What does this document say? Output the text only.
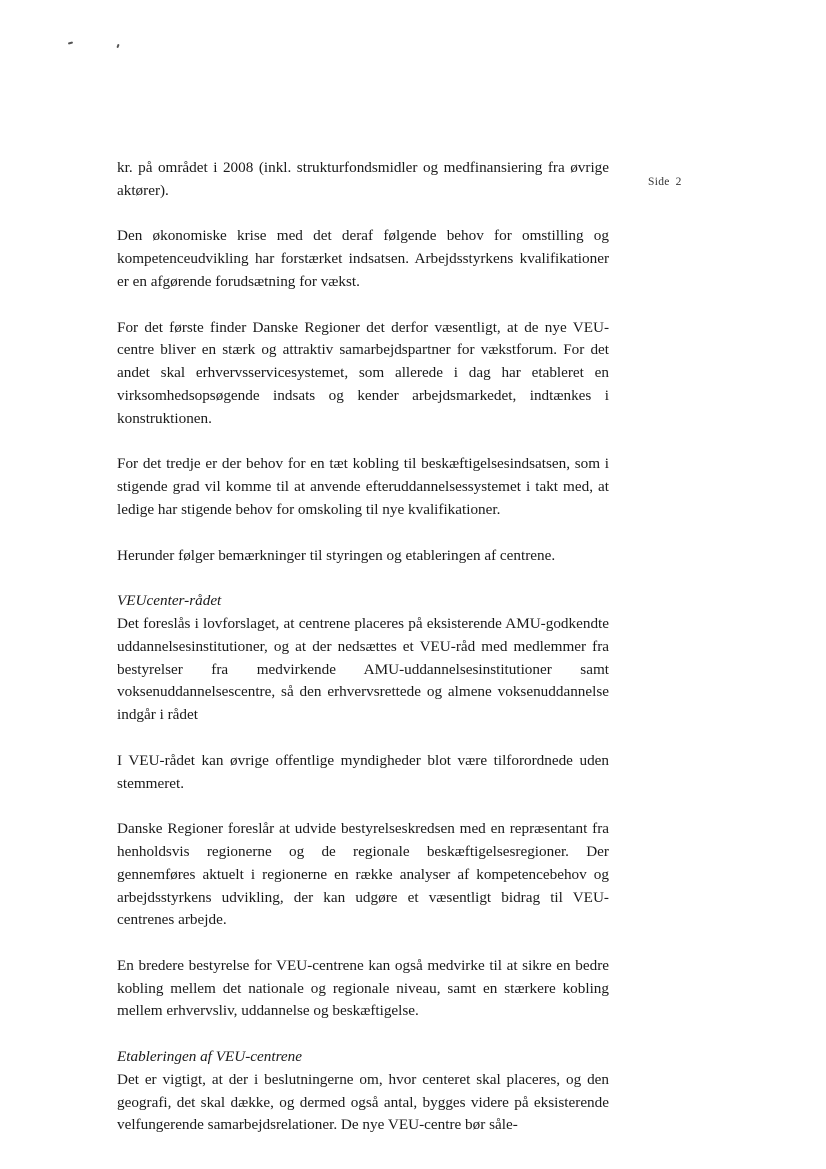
Side 2

kr. på området i 2008 (inkl. strukturfondsmidler og medfinansiering fra øvrige aktører).

Den økonomiske krise med det deraf følgende behov for omstilling og kompetenceudvikling har forstærket indsatsen. Arbejdsstyrkens kvalifikationer er en afgørende forudsætning for vækst.

For det første finder Danske Regioner det derfor væsentligt, at de nye VEU-centre bliver en stærk og attraktiv samarbejdspartner for vækstforum. For det andet skal erhvervsservicesystemet, som allerede i dag har etableret en virksomhedsopsøgende indsats og kender arbejdsmarkedet, indtænkes i konstruktionen.

For det tredje er der behov for en tæt kobling til beskæftigelsesindsatsen, som i stigende grad vil komme til at anvende efteruddannelsessystemet i takt med, at ledige har stigende behov for omskoling til nye kvalifikationer.

Herunder følger bemærkninger til styringen og etableringen af centrene.

VEUcenter-rådet

Det foreslås i lovforslaget, at centrene placeres på eksisterende AMU-godkendte uddannelsesinstitutioner, og at der nedsættes et VEU-råd med medlemmer fra bestyrelser fra medvirkende AMU-uddannelsesinstitutioner samt voksenuddannelsescentre, så den erhvervsrettede og almene voksenuddannelse indgår i rådet

I VEU-rådet kan øvrige offentlige myndigheder blot være tilforordnede uden stemmeret.

Danske Regioner foreslår at udvide bestyrelseskredsen med en repræsentant fra henholdsvis regionerne og de regionale beskæftigelsesregioner. Der gennemføres aktuelt i regionerne en række analyser af kompetencebehov og arbejdsstyrkens udvikling, der kan udgøre et væsentligt bidrag til VEU-centrenes arbejde.

En bredere bestyrelse for VEU-centrene kan også medvirke til at sikre en bedre kobling mellem det nationale og regionale niveau, samt en stærkere kobling mellem erhvervsliv, uddannelse og beskæftigelse.

Etableringen af VEU-centrene

Det er vigtigt, at der i beslutningerne om, hvor centeret skal placeres, og den geografi, det skal dække, og dermed også antal, bygges videre på eksisterende velfungerende samarbejdsrelationer. De nye VEU-centre bør såle-
